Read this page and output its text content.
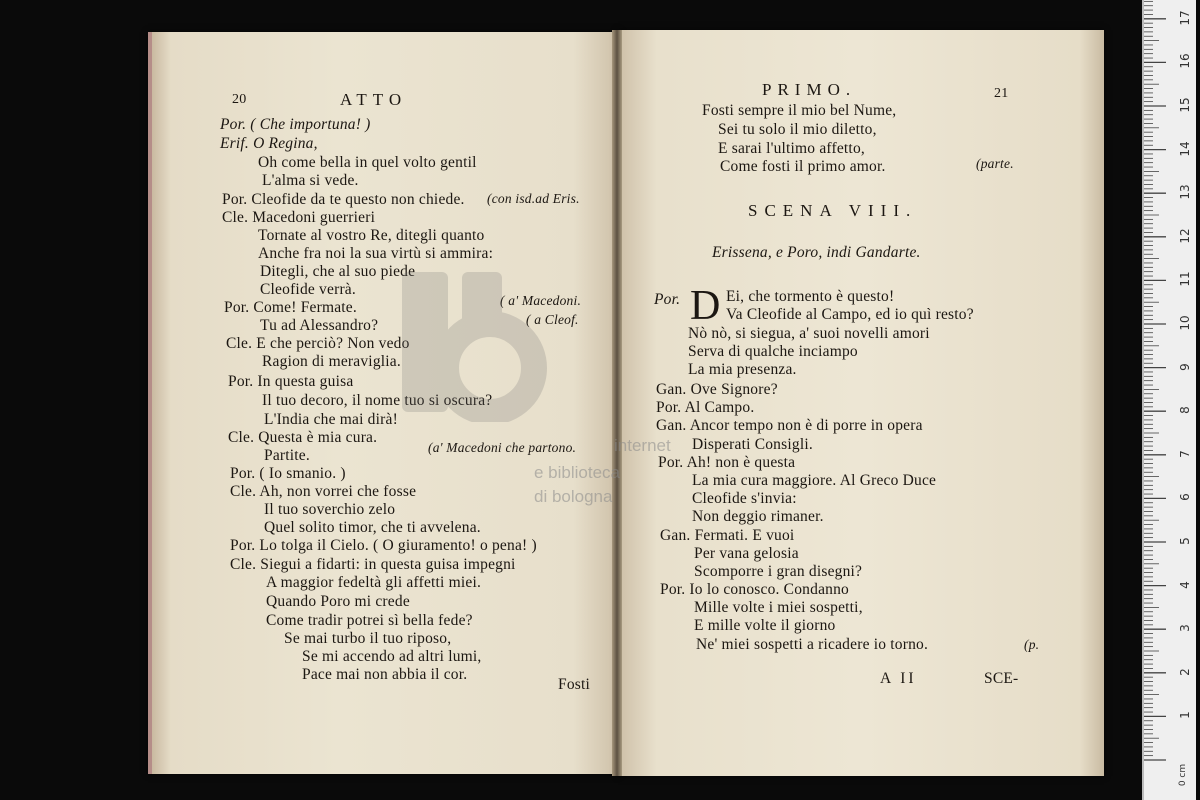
20	ATTO
Por. ( Che importuna! )
Erif. O Regina,
Oh come bella in quel volto gentil
L'alma si vede.
Por. Cleofide da te questo non chiede. (con isd.ad Eris.
Cle. Macedoni guerrieri
Tornate al vostro Re, ditegli quanto
Anche fra noi la sua virtù si ammira:
Ditegli, che al suo piede
Cleofide verrà.
Por. Come! Fermate.	( a' Macedoni.
Tu ad Alessandro?	( a Cleof.
Cle. E che perciò? Non vedo
Ragion di meraviglia.
Por. In questa guisa
Il tuo decoro, il nome tuo si oscura?
L'India che mai dirà!
Cle. Questa è mia cura.
Partite.	(a' Macedoni che partono.
Por. ( Io smanio. )
Cle. Ah, non vorrei che fosse
Il tuo soverchio zelo
Quel solito timor, che ti avvelena.
Por. Lo tolga il Cielo. ( O giuramento! o pena! )
Cle. Siegui a fidarti: in questa guisa impegni
A maggior fedeltà gli affetti miei.
Quando Poro mi crede
Come tradir potrei sì bella fede?
Se mai turbo il tuo riposo,
Se mi accendo ad altri lumi,
Pace mai non abbia il cor.
Fosti
PRIMO.	21
Fosti sempre il mio bel Nume,
Sei tu solo il mio diletto,
E sarai l'ultimo affetto,
Come fosti il primo amor.	(parte.
SCENA VIII.
Erissena, e Poro, indi Gandarte.
Por. D Ei, che tormento è questo!
Va Cleofide al Campo, ed io quì resto?
Nò nò, si siegua, a' suoi novelli amori
Serva di qualche inciampo
La mia presenza.
Gan. Ove Signore?
Por. Al Campo.
Gan. Ancor tempo non è di porre in opera
Disperati Consigli.
Por. Ah! non è questa
La mia cura maggiore. Al Greco Duce
Cleofide s'invia:
Non deggio rimaner.
Gan. Fermati. E vuoi
Per vana gelosia
Scomporre i gran disegni?
Por. Io lo conosco. Condanno
Mille volte i miei sospetti,
E mille volte il giorno
Ne' miei sospetti a ricadere io torno.	(p.
A II	SCE-
internet
e biblioteca
di bologna
1
2
3
4
5
6
7
8
9
10
11
12
13
14
15
16
17
0 cm
